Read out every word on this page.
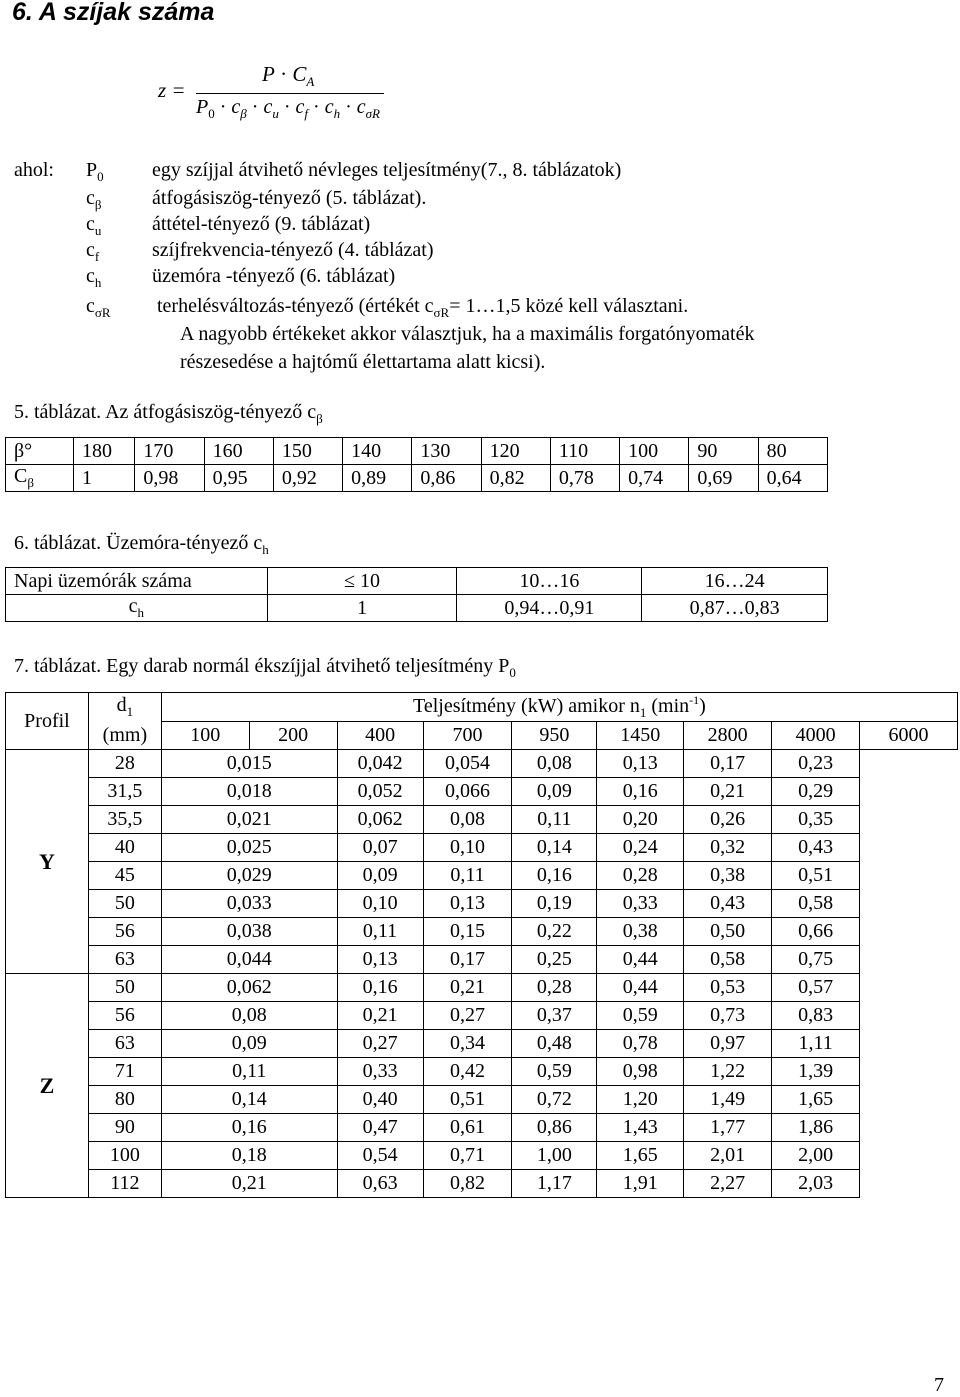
6. A szíjak száma
z =
$P \cdot C_A$
$P_0 \cdot c_\beta \cdot c_u \cdot c_f \cdot c_h \cdot c_{\sigma R}$
ahol: $P_0$ egy szíjjal átvihető névleges teljesítmény(7., 8. táblázatok)
$c_\beta$	átfogásiszög-tényező (5. táblázat).
$c_u$	áttétel-tényező (9. táblázat)
$c_f$	szíjfrekvencia-tényező (4. táblázat)
$c_h$	üzemóra -tényező (6. táblázat)
$c_{\sigma R}$ terhelésváltozás-tényező (értékét $c_{\sigma R}=$ 1…1,5 közé kell választani.
A nagyobb értékeket akkor választjuk, ha a maximális forgatónyomaték
részesedése a hajtómű élettartama alatt kicsi).
5. táblázat. Az átfogásiszög-tényező $c_\beta$
β°	180	170	160	150	140	130	120	110	100	90	80
$C_\beta$	1	0,98	0,95	0,92	0,89	0,86	0,82	0,78	0,74	0,69	0,64
6. táblázat. Üzemóra-tényező $c_h$
Napi üzemórák száma	≤ 10	10…16	16…24
$c_h$	1	0,94…0,91	0,87…0,83
7. táblázat. Egy darab normál ékszíjjal átvihető teljesítmény $P_0$
Profil	$d_1$	Teljesítmény (kW) amikor $n_1$ $(\min^{-1})$								
	(mm)	100	200	400	700	950	1450	2800	4000	6000
Y	28	0,015		0,042	0,054	0,08	0,13	0,17	0,23	
	31,5	0,018		0,052	0,066	0,09	0,16	0,21	0,29	
	35,5	0,021		0,062	0,08	0,11	0,20	0,26	0,35	
	40	0,025		0,07	0,10	0,14	0,24	0,32	0,43	
	45	0,029		0,09	0,11	0,16	0,28	0,38	0,51	
	50	0,033		0,10	0,13	0,19	0,33	0,43	0,58	
	56	0,038		0,11	0,15	0,22	0,38	0,50	0,66	
	63	0,044		0,13	0,17	0,25	0,44	0,58	0,75	
Z	50	0,062		0,16	0,21	0,28	0,44	0,53	0,57	
	56	0,08		0,21	0,27	0,37	0,59	0,73	0,83	
	63	0,09		0,27	0,34	0,48	0,78	0,97	1,11	
	71	0,11		0,33	0,42	0,59	0,98	1,22	1,39	
	80	0,14		0,40	0,51	0,72	1,20	1,49	1,65	
	90	0,16		0,47	0,61	0,86	1,43	1,77	1,86	
	100	0,18		0,54	0,71	1,00	1,65	2,01	2,00	
	112	0,21		0,63	0,82	1,17	1,91	2,27	2,03	
7
